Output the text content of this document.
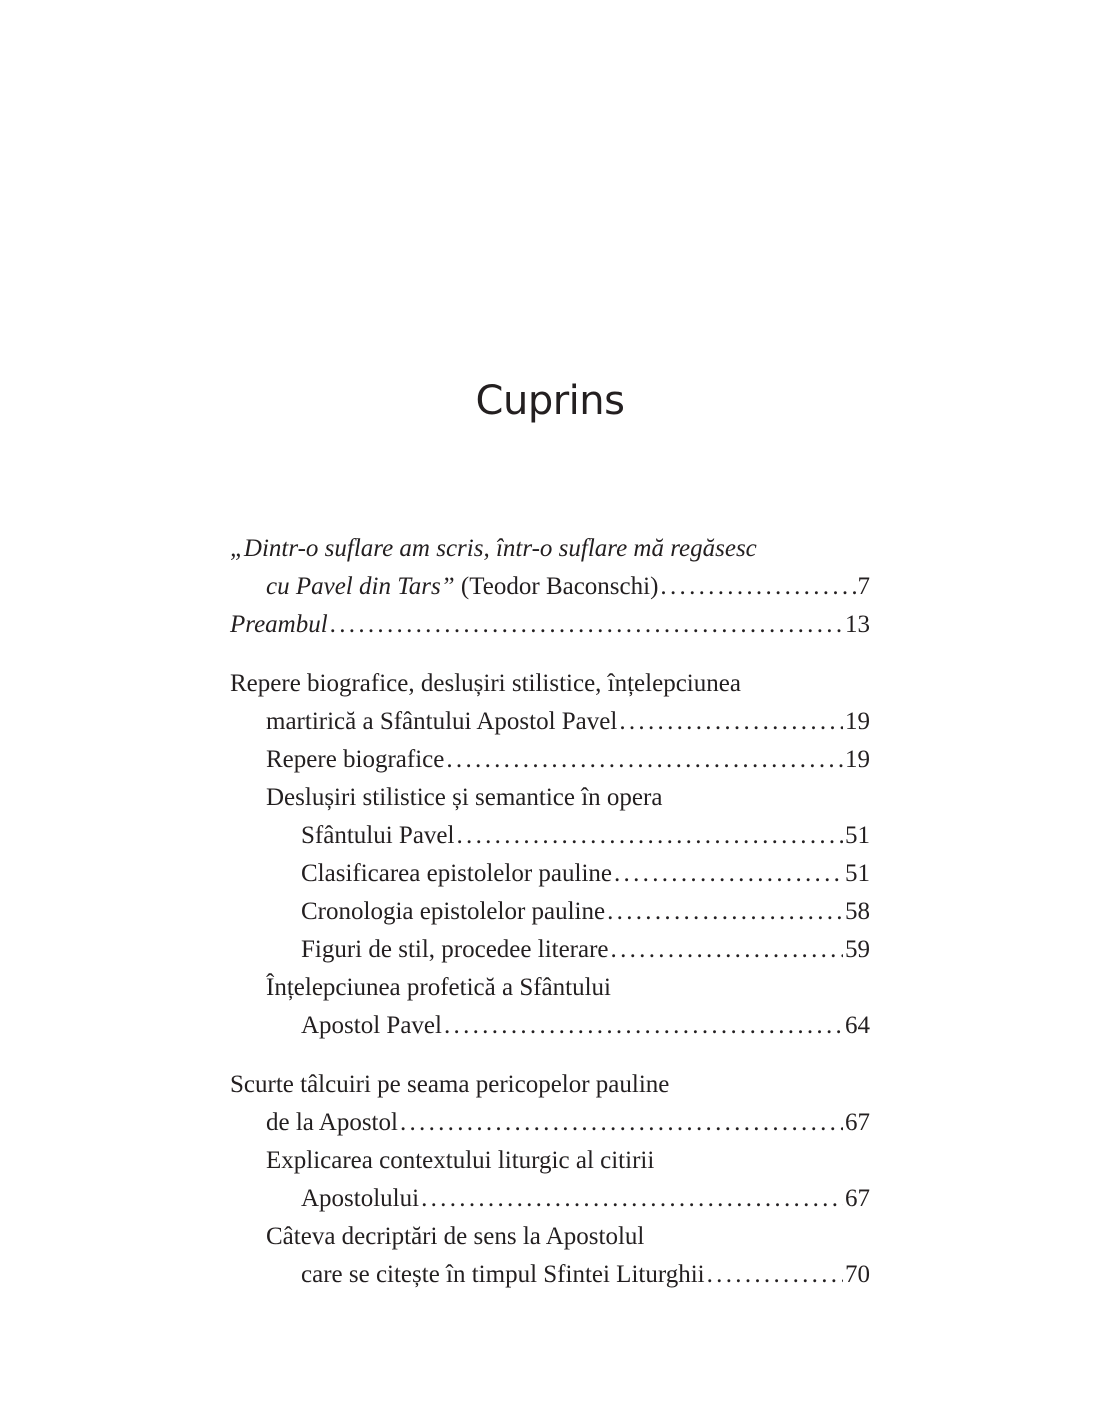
Cuprins
„Dintr-o suflare am scris, într-o suflare mă regăsesc
cu Pavel din Tars” (Teodor Baconschi) .....	7
Preambul .....	13
Repere biografice, deslușiri stilistice, înțelepciunea
martirică a Sfântului Apostol Pavel .....	19
Repere biografice .....	19
Deslușiri stilistice și semantice în opera
Sfântului Pavel .....	51
Clasificarea epistolelor pauline .....	51
Cronologia epistolelor pauline .....	58
Figuri de stil, procedee literare .....	59
Înțelepciunea profetică a Sfântului
Apostol Pavel .....	64
Scurte tâlcuiri pe seama pericopelor pauline
de la Apostol .....	67
Explicarea contextului liturgic al citirii
Apostolului .....	67
Câteva decriptări de sens la Apostolul
care se citește în timpul Sfintei Liturghii .....	70
